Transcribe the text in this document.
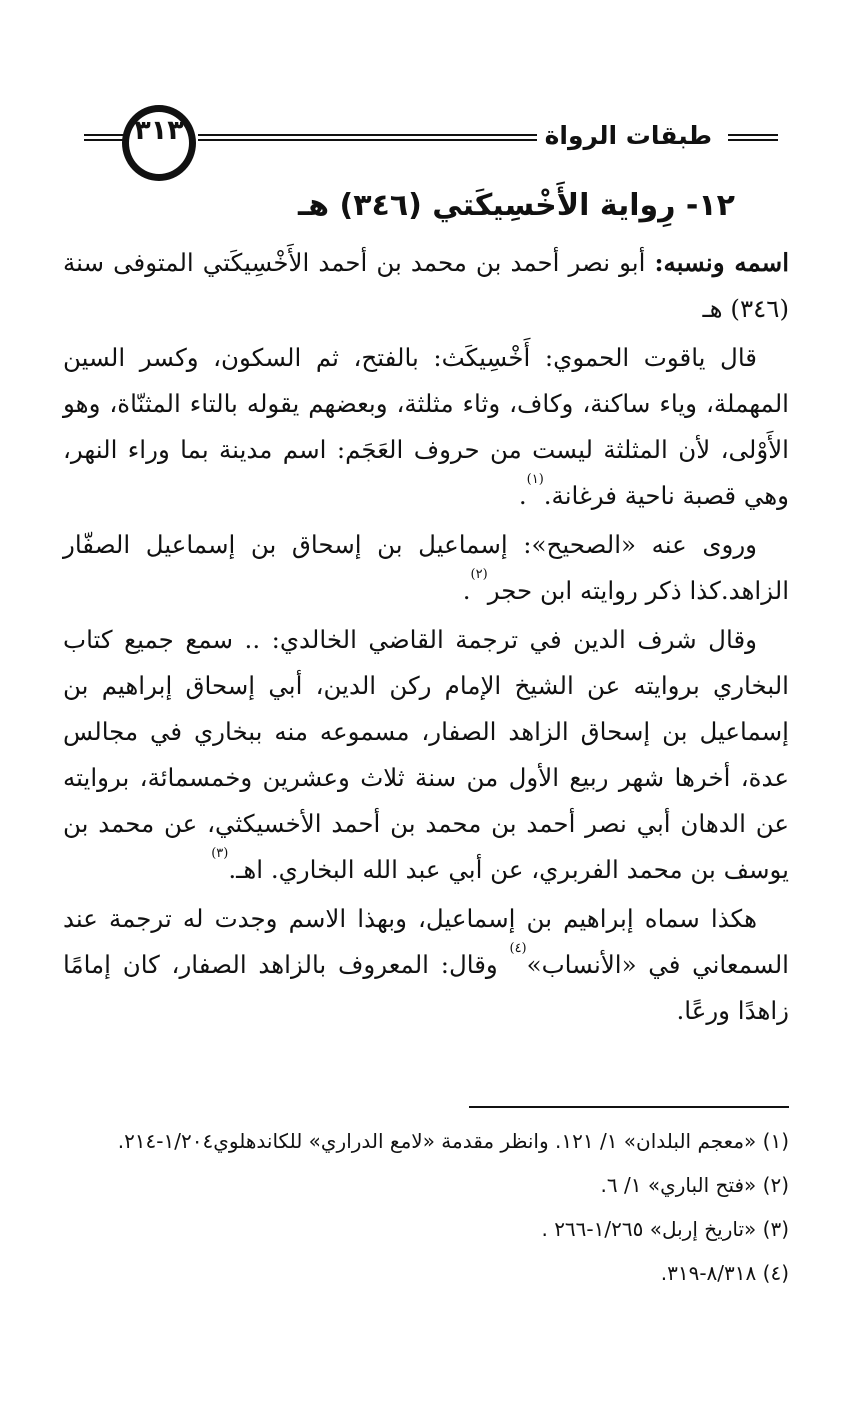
٣١٣	طبقات الرواة
١٢- رِواية الأَخْسِيكَتي (٣٤٦) هـ

اسمه ونسبه: أبو نصر أحمد بن محمد بن أحمد الأَخْسِيكَتي المتوفى سنة (٣٤٦) هـ

قال ياقوت الحموي: أَخْسِيكَث: بالفتح، ثم السكون، وكسر السين المهملة، وياء ساكنة، وكاف، وثاء مثلثة، وبعضهم يقوله بالتاء المثنّاة، وهو الأَوْلى، لأن المثلثة ليست من حروف العَجَم: اسم مدينة بما وراء النهر، وهي قصبة ناحية فرغانة.$^{(١)}$.

وروى عنه «الصحيح»: إسماعيل بن إسحاق بن إسماعيل الصفّار الزاهد.كذا ذكر روايته ابن حجر$^{(٢)}$.

وقال شرف الدين في ترجمة القاضي الخالدي: .. سمع جميع كتاب البخاري بروايته عن الشيخ الإمام ركن الدين، أبي إسحاق إبراهيم بن إسماعيل بن إسحاق الزاهد الصفار، مسموعه منه ببخاري في مجالس عدة، أخرها شهر ربيع الأول من سنة ثلاث وعشرين وخمسمائة، بروايته عن الدهان أبي نصر أحمد بن محمد بن أحمد الأخسيكثي، عن محمد بن يوسف بن محمد الفربري، عن أبي عبد الله البخاري. اهـ.$^{(٣)}$

هكذا سماه إبراهيم بن إسماعيل، وبهذا الاسم وجدت له ترجمة عند السمعاني في «الأنساب»$^{(٤)}$ وقال: المعروف بالزاهد الصفار، كان إمامًا زاهدًا ورعًا.

(١) «معجم البلدان» ١/ ١٢١. وانظر مقدمة «لامع الدراري» للكاندهلوي١/٢٠٤-٢١٤.

(٢) «فتح الباري» ١/ ٦.

(٣) «تاريخ إربل» ١/٢٦٥-٢٦٦ .

(٤) ٨/٣١٨-٣١٩.
